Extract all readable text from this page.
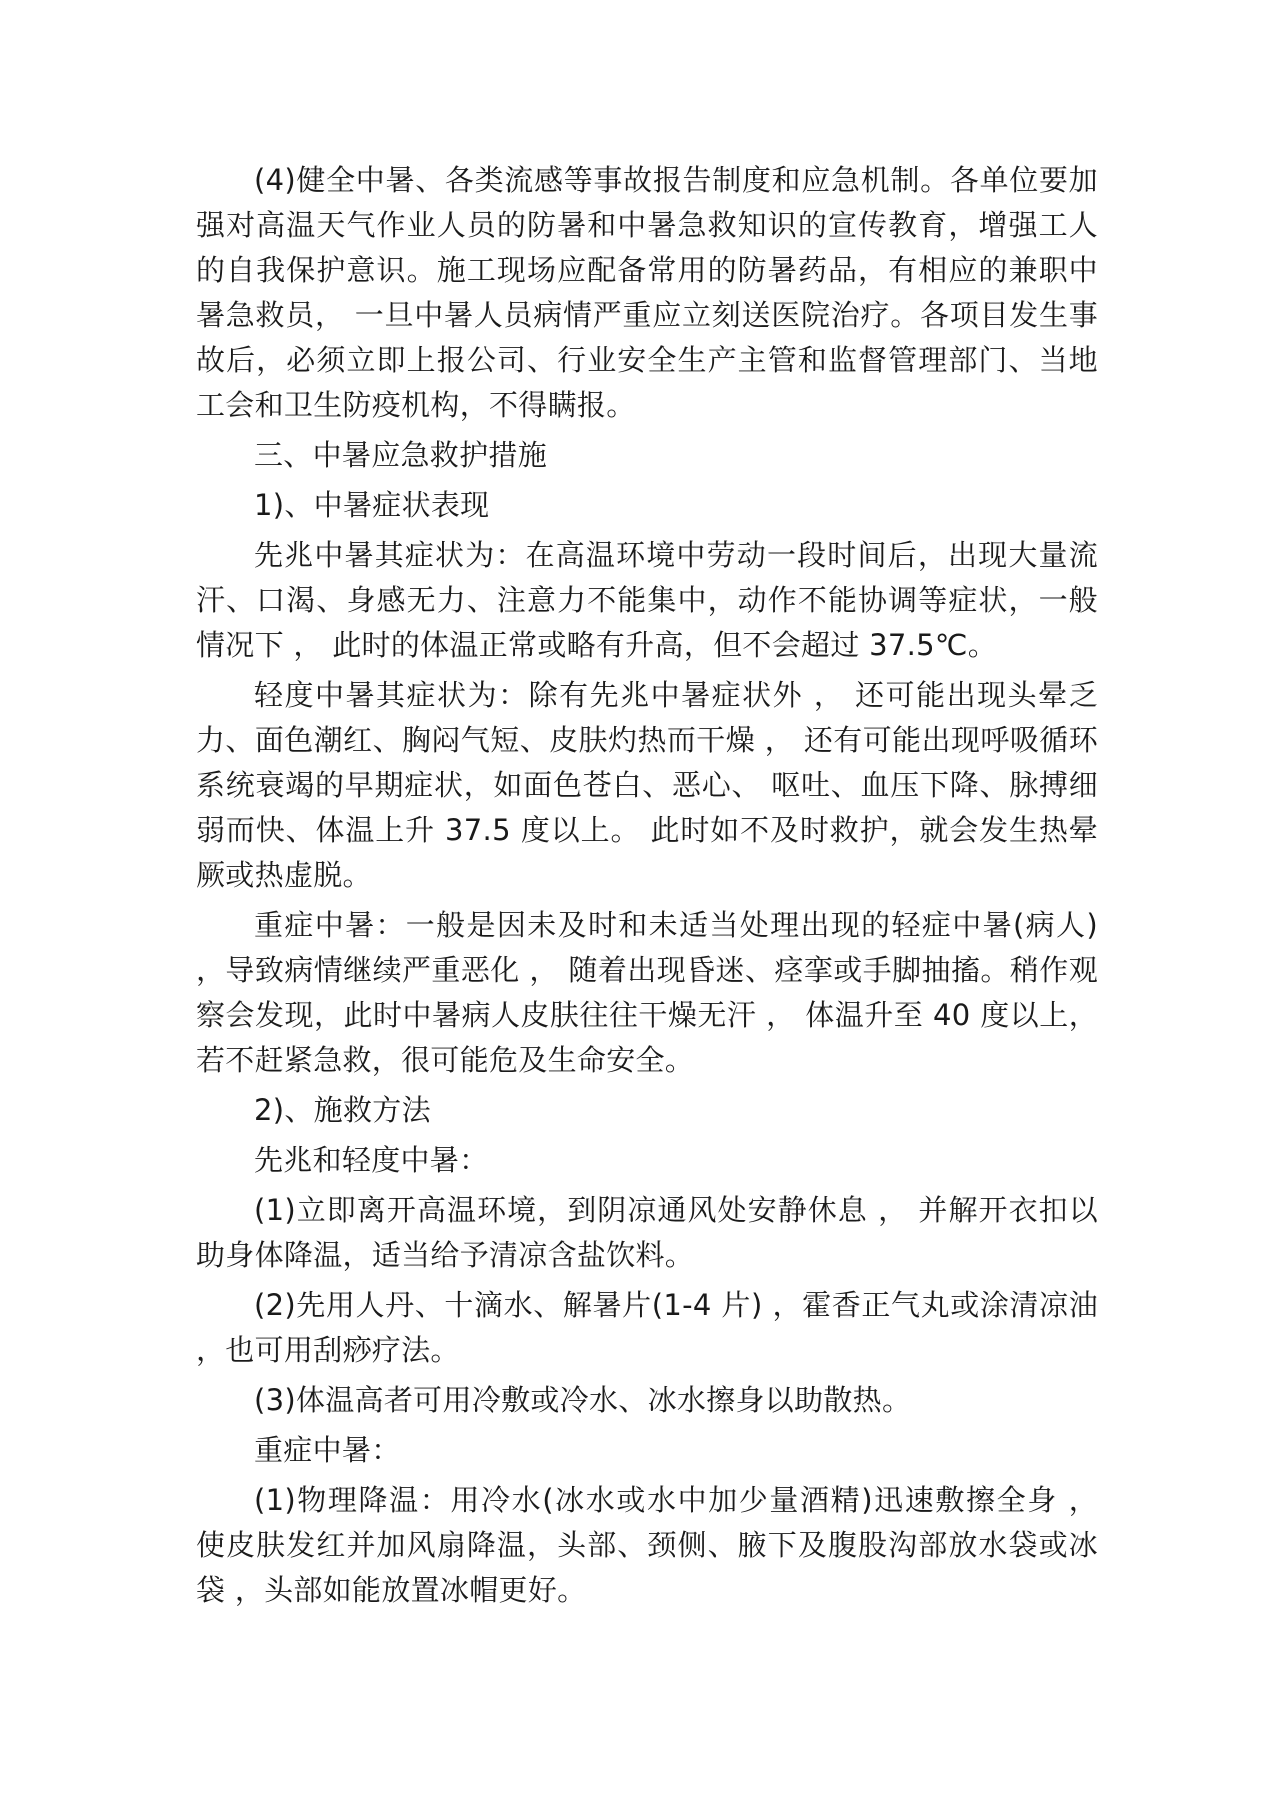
(4)健全中暑、各类流感等事故报告制度和应急机制。各单位要加强对高温天气作业人员的防暑和中暑急救知识的宣传教育，增强工人的自我保护意识。施工现场应配备常用的防暑药品，有相应的兼职中暑急救员， 一旦中暑人员病情严重应立刻送医院治疗。各项目发生事故后，必须立即上报公司、行业安全生产主管和监督管理部门、当地工会和卫生防疫机构，不得瞒报。

三、中暑应急救护措施

1)、中暑症状表现

先兆中暑其症状为：在高温环境中劳动一段时间后，出现大量流汗、口渴、身感无力、注意力不能集中，动作不能协调等症状，一般情况下 ， 此时的体温正常或略有升高，但不会超过 37.5℃。

轻度中暑其症状为：除有先兆中暑症状外 ， 还可能出现头晕乏力、面色潮红、胸闷气短、皮肤灼热而干燥 ， 还有可能出现呼吸循环系统衰竭的早期症状，如面色苍白、恶心、 呕吐、血压下降、脉搏细弱而快、体温上升 37.5 度以上。 此时如不及时救护，就会发生热晕厥或热虚脱。

重症中暑：一般是因未及时和未适当处理出现的轻症中暑(病人) ，导致病情继续严重恶化 ， 随着出现昏迷、痉挛或手脚抽搐。稍作观察会发现，此时中暑病人皮肤往往干燥无汗 ， 体温升至 40 度以上，若不赶紧急救，很可能危及生命安全。

2)、施救方法

先兆和轻度中暑：

(1)立即离开高温环境，到阴凉通风处安静休息 ， 并解开衣扣以助身体降温，适当给予清凉含盐饮料。

(2)先用人丹、十滴水、解暑片(1-4 片) ，霍香正气丸或涂清凉油 ，也可用刮痧疗法。

(3)体温高者可用冷敷或冷水、冰水擦身以助散热。

重症中暑：

(1)物理降温：用冷水(冰水或水中加少量酒精)迅速敷擦全身 ， 使皮肤发红并加风扇降温，头部、颈侧、腋下及腹股沟部放水袋或冰袋 ，头部如能放置冰帽更好。
